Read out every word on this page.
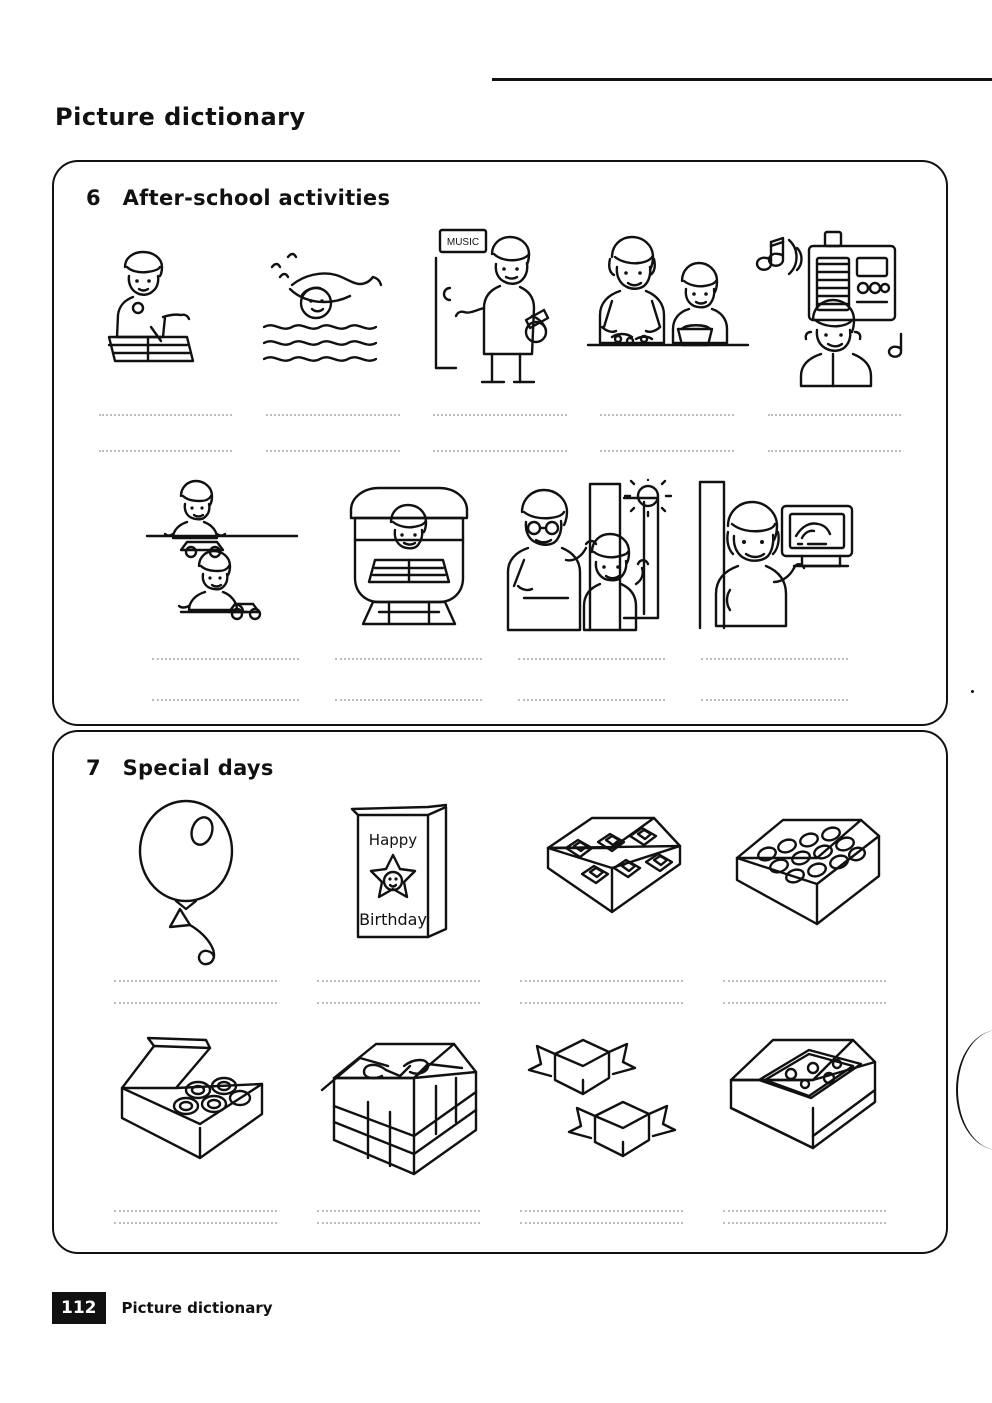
Picture dictionary
6 After-school activities
MUSIC
7 Special days
Happy
Birthday
112	Picture dictionary
